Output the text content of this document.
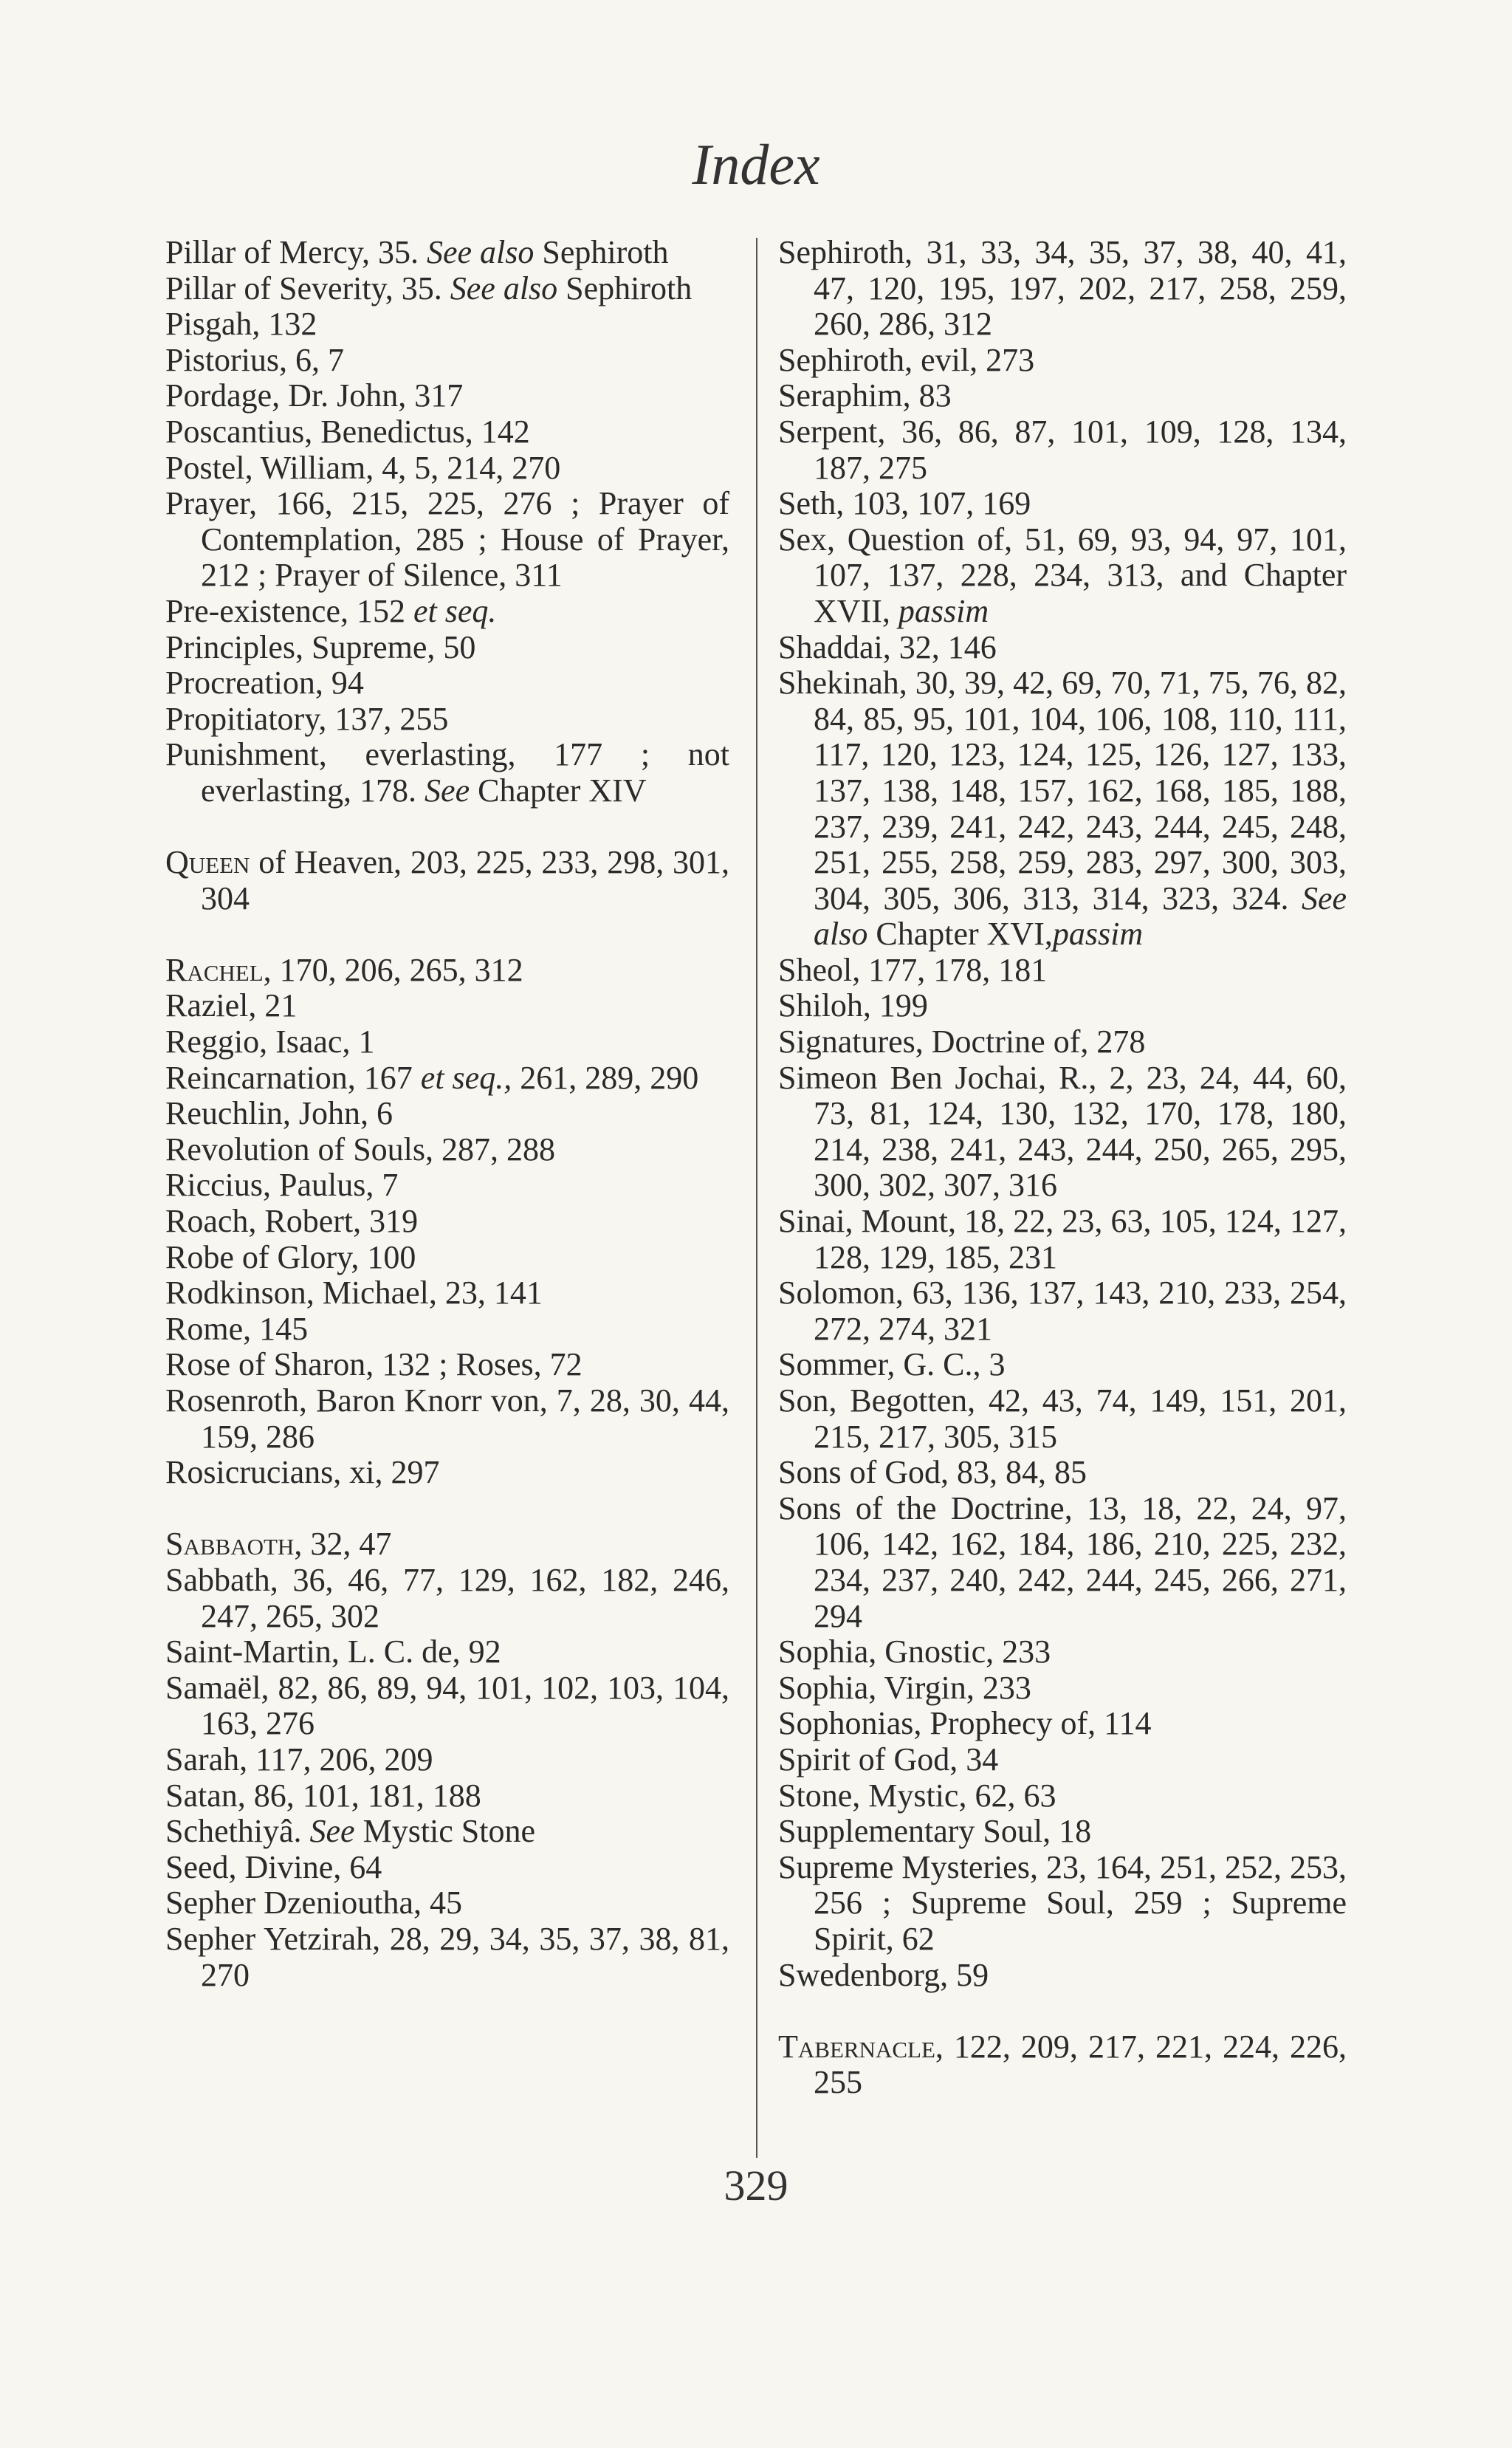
Index

Pillar of Mercy, 35. See also Sephiroth

Pillar of Severity, 35. See also Sephiroth

Pisgah, 132

Pistorius, 6, 7

Pordage, Dr. John, 317

Poscantius, Benedictus, 142

Postel, William, 4, 5, 214, 270

Prayer, 166, 215, 225, 276 ; Prayer of Contemplation, 285 ; House of Prayer, 212 ; Prayer of Silence, 311

Pre-existence, 152 et seq.

Principles, Supreme, 50

Procreation, 94

Propitiatory, 137, 255

Punishment, everlasting, 177 ; not everlasting, 178. See Chapter XIV

Queen of Heaven, 203, 225, 233, 298, 301, 304

Rachel, 170, 206, 265, 312

Raziel, 21

Reggio, Isaac, 1

Reincarnation, 167 et seq., 261, 289, 290

Reuchlin, John, 6

Revolution of Souls, 287, 288

Riccius, Paulus, 7

Roach, Robert, 319

Robe of Glory, 100

Rodkinson, Michael, 23, 141

Rome, 145

Rose of Sharon, 132 ; Roses, 72

Rosenroth, Baron Knorr von, 7, 28, 30, 44, 159, 286

Rosicrucians, xi, 297

Sabbaoth, 32, 47

Sabbath, 36, 46, 77, 129, 162, 182, 246, 247, 265, 302

Saint-Martin, L. C. de, 92

Samaël, 82, 86, 89, 94, 101, 102, 103, 104, 163, 276

Sarah, 117, 206, 209

Satan, 86, 101, 181, 188

Schethiyâ. See Mystic Stone

Seed, Divine, 64

Sepher Dzenioutha, 45

Sepher Yetzirah, 28, 29, 34, 35, 37, 38, 81, 270

Sephiroth, 31, 33, 34, 35, 37, 38, 40, 41, 47, 120, 195, 197, 202, 217, 258, 259, 260, 286, 312

Sephiroth, evil, 273

Seraphim, 83

Serpent, 36, 86, 87, 101, 109, 128, 134, 187, 275

Seth, 103, 107, 169

Sex, Question of, 51, 69, 93, 94, 97, 101, 107, 137, 228, 234, 313, and Chapter XVII, passim

Shaddai, 32, 146

Shekinah, 30, 39, 42, 69, 70, 71, 75, 76, 82, 84, 85, 95, 101, 104, 106, 108, 110, 111, 117, 120, 123, 124, 125, 126, 127, 133, 137, 138, 148, 157, 162, 168, 185, 188, 237, 239, 241, 242, 243, 244, 245, 248, 251, 255, 258, 259, 283, 297, 300, 303, 304, 305, 306, 313, 314, 323, 324. See also Chapter XVI,passim

Sheol, 177, 178, 181

Shiloh, 199

Signatures, Doctrine of, 278

Simeon Ben Jochai, R., 2, 23, 24, 44, 60, 73, 81, 124, 130, 132, 170, 178, 180, 214, 238, 241, 243, 244, 250, 265, 295, 300, 302, 307, 316

Sinai, Mount, 18, 22, 23, 63, 105, 124, 127, 128, 129, 185, 231

Solomon, 63, 136, 137, 143, 210, 233, 254, 272, 274, 321

Sommer, G. C., 3

Son, Begotten, 42, 43, 74, 149, 151, 201, 215, 217, 305, 315

Sons of God, 83, 84, 85

Sons of the Doctrine, 13, 18, 22, 24, 97, 106, 142, 162, 184, 186, 210, 225, 232, 234, 237, 240, 242, 244, 245, 266, 271, 294

Sophia, Gnostic, 233

Sophia, Virgin, 233

Sophonias, Prophecy of, 114

Spirit of God, 34

Stone, Mystic, 62, 63

Supplementary Soul, 18

Supreme Mysteries, 23, 164, 251, 252, 253, 256 ; Supreme Soul, 259 ; Supreme Spirit, 62

Swedenborg, 59

Tabernacle, 122, 209, 217, 221, 224, 226, 255

329
